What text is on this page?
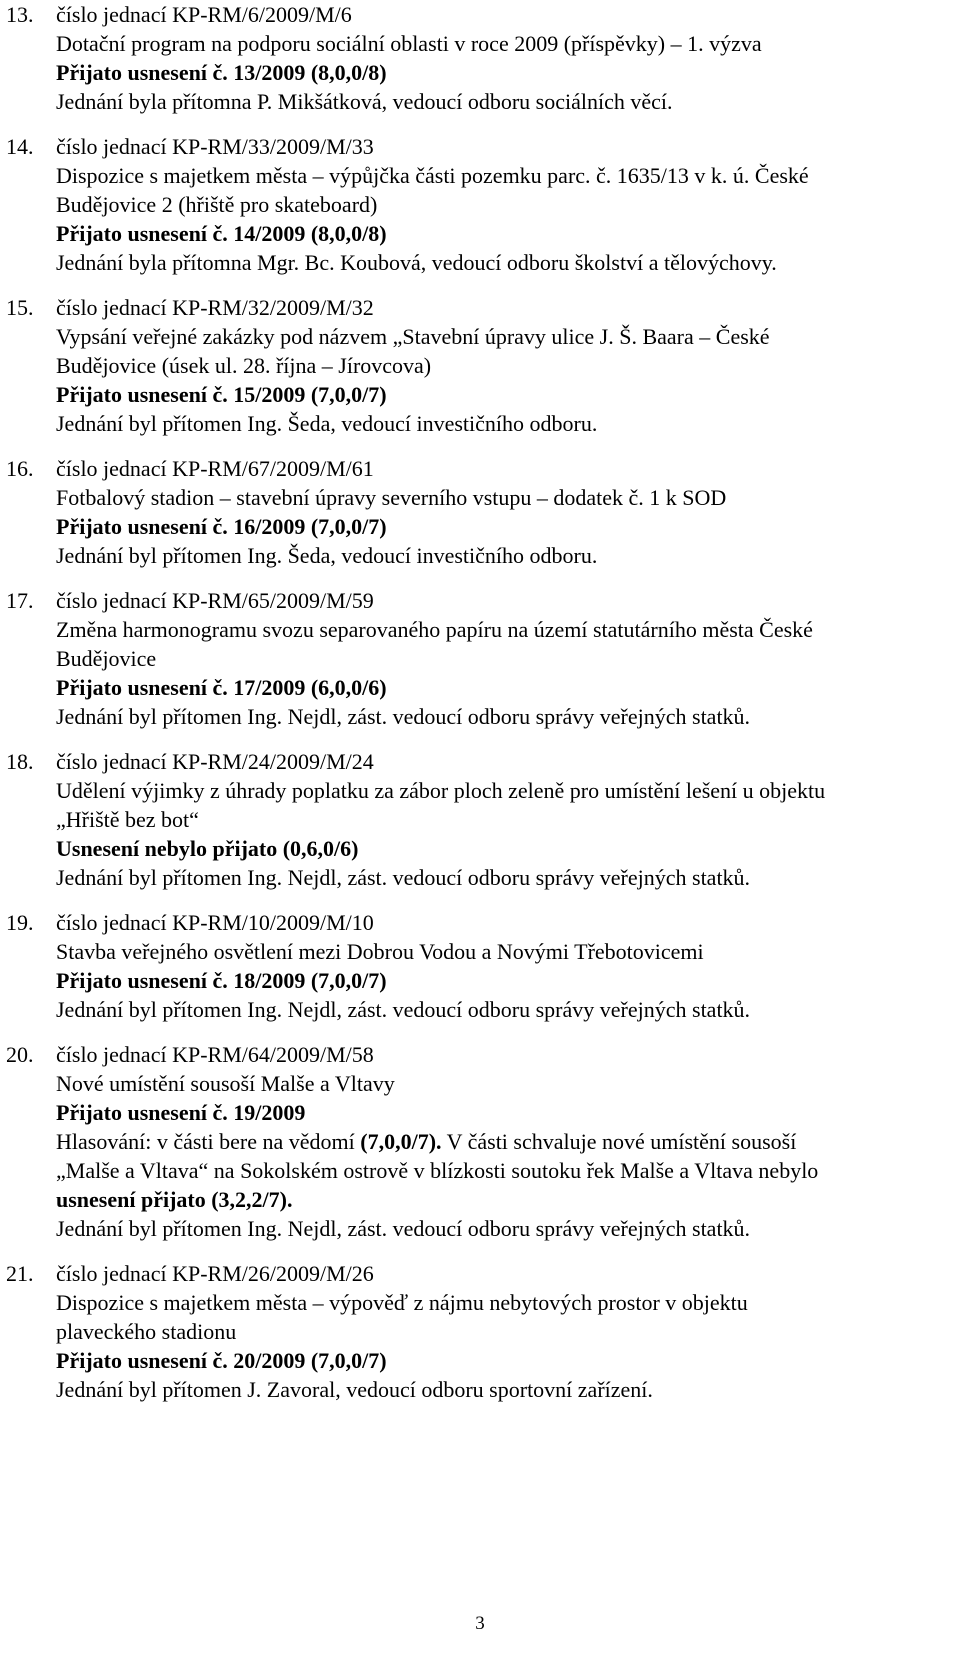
13. číslo jednací KP-RM/6/2009/M/6
Dotační program na podporu sociální oblasti v roce 2009 (příspěvky) – 1. výzva
Přijato usnesení č. 13/2009 (8,0,0/8)
Jednání byla přítomna P. Mikšátková, vedoucí odboru sociálních věcí.
14. číslo jednací KP-RM/33/2009/M/33
Dispozice s majetkem města – výpůjčka části pozemku parc. č. 1635/13 v k. ú. České
Budějovice 2 (hřiště pro skateboard)
Přijato usnesení č. 14/2009 (8,0,0/8)
Jednání byla přítomna Mgr. Bc. Koubová, vedoucí odboru školství a tělovýchovy.
15. číslo jednací KP-RM/32/2009/M/32
Vypsání veřejné zakázky pod názvem „Stavební úpravy ulice J. Š. Baara – České
Budějovice (úsek ul. 28. října – Jírovcova)
Přijato usnesení č. 15/2009 (7,0,0/7)
Jednání byl přítomen Ing. Šeda, vedoucí investičního odboru.
16. číslo jednací KP-RM/67/2009/M/61
Fotbalový stadion – stavební úpravy severního vstupu – dodatek č. 1 k SOD
Přijato usnesení č. 16/2009 (7,0,0/7)
Jednání byl přítomen Ing. Šeda, vedoucí investičního odboru.
17. číslo jednací KP-RM/65/2009/M/59
Změna harmonogramu svozu separovaného papíru na území statutárního města České
Budějovice
Přijato usnesení č. 17/2009 (6,0,0/6)
Jednání byl přítomen Ing. Nejdl, zást. vedoucí odboru správy veřejných statků.
18. číslo jednací KP-RM/24/2009/M/24
Udělení výjimky z úhrady poplatku za zábor ploch zeleně pro umístění lešení u objektu
„Hřiště bez bot“
Usnesení nebylo přijato (0,6,0/6)
Jednání byl přítomen Ing. Nejdl, zást. vedoucí odboru správy veřejných statků.
19. číslo jednací KP-RM/10/2009/M/10
Stavba veřejného osvětlení mezi Dobrou Vodou a Novými Třebotovicemi
Přijato usnesení č. 18/2009 (7,0,0/7)
Jednání byl přítomen Ing. Nejdl, zást. vedoucí odboru správy veřejných statků.
20. číslo jednací KP-RM/64/2009/M/58
Nové umístění sousoší Malše a Vltavy
Přijato usnesení č. 19/2009
Hlasování: v části bere na vědomí (7,0,0/7). V části schvaluje nové umístění sousoší
„Malše a Vltava“ na Sokolském ostrově v blízkosti soutoku řek Malše a Vltava nebylo
usnesení přijato (3,2,2/7).
Jednání byl přítomen Ing. Nejdl, zást. vedoucí odboru správy veřejných statků.
21. číslo jednací KP-RM/26/2009/M/26
Dispozice s majetkem města – výpověď z nájmu nebytových prostor v objektu
plaveckého stadionu
Přijato usnesení č. 20/2009 (7,0,0/7)
Jednání byl přítomen J. Zavoral, vedoucí odboru sportovní zařízení.
3
